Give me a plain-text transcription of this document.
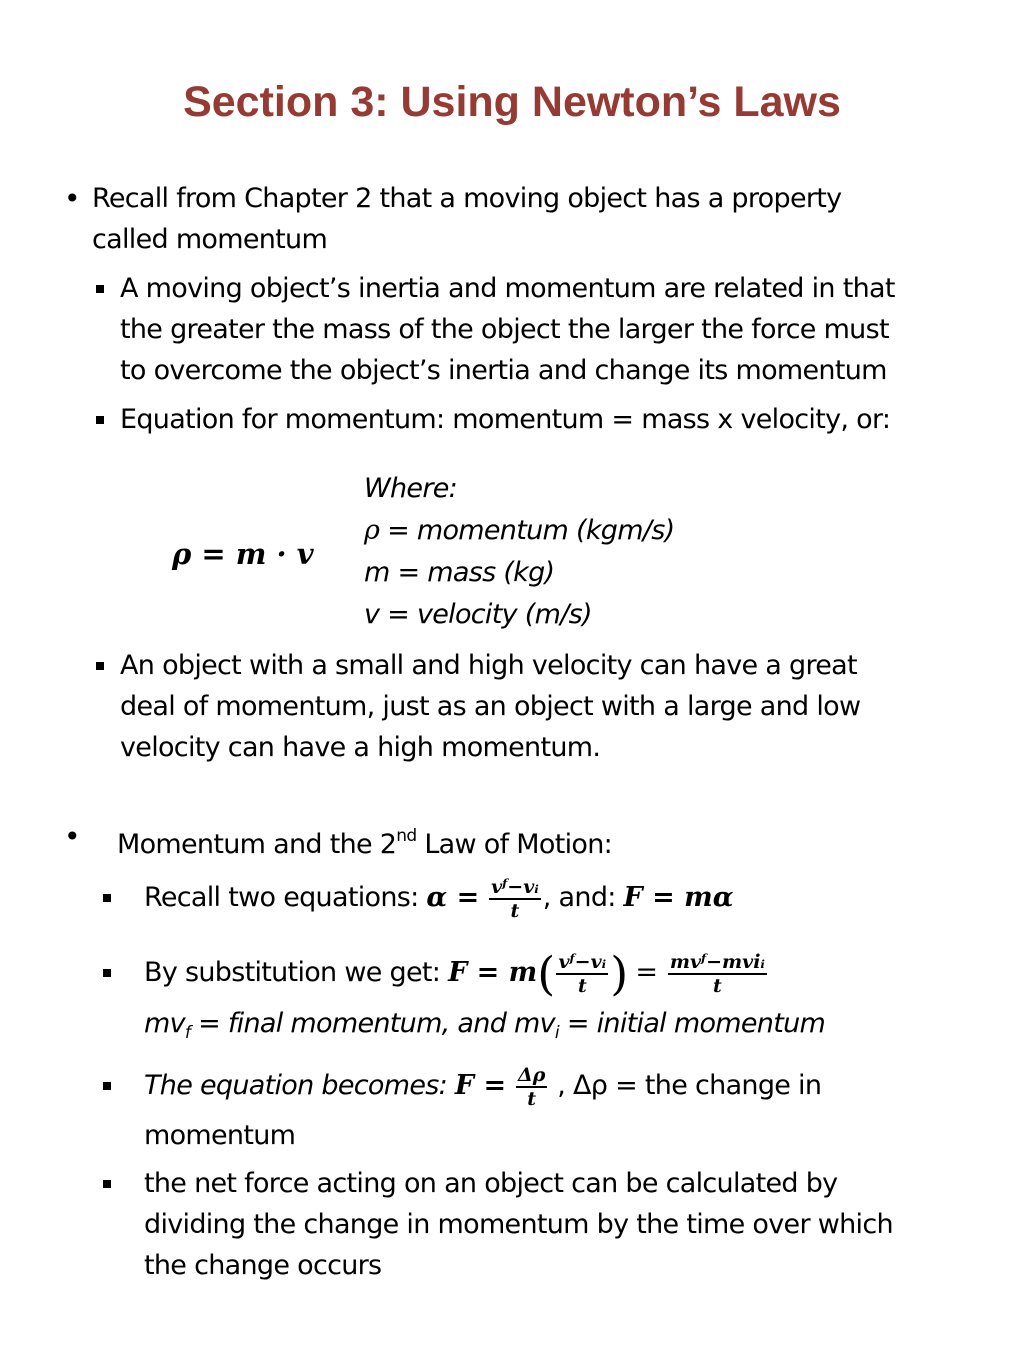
Section 3: Using Newton’s Laws
• Recall from Chapter 2 that a moving object has a property
called momentum
A moving object’s inertia and momentum are related in that
the greater the mass of the object the larger the force must
to overcome the object’s inertia and change its momentum
Equation for momentum: momentum = mass x velocity, or:
ρ = m · v
Where:
ρ = momentum (kgm/s)
m = mass (kg)
v = velocity (m/s)
An object with a small and high velocity can have a great
deal of momentum, just as an object with a large and low
velocity can have a high momentum.
• Momentum and the 2nd Law of Motion:
Recall two equations: $\alpha = \frac{\text{vᶠ−vᵢ}}{t}$ , and: F = mα
By substitution we get: $F = m( \frac{\text{vᶠ−vᵢ}}{t}$ ) = $\frac{\text{mvᶠ−mviᵢ}}{t}$
$mv_f$ = final momentum, and $mv_i$ = initial momentum
The equation becomes: $F = \frac{\Delta\rho}{t}$ , Δρ = the change in
momentum
the net force acting on an object can be calculated by
dividing the change in momentum by the time over which
the change occurs
